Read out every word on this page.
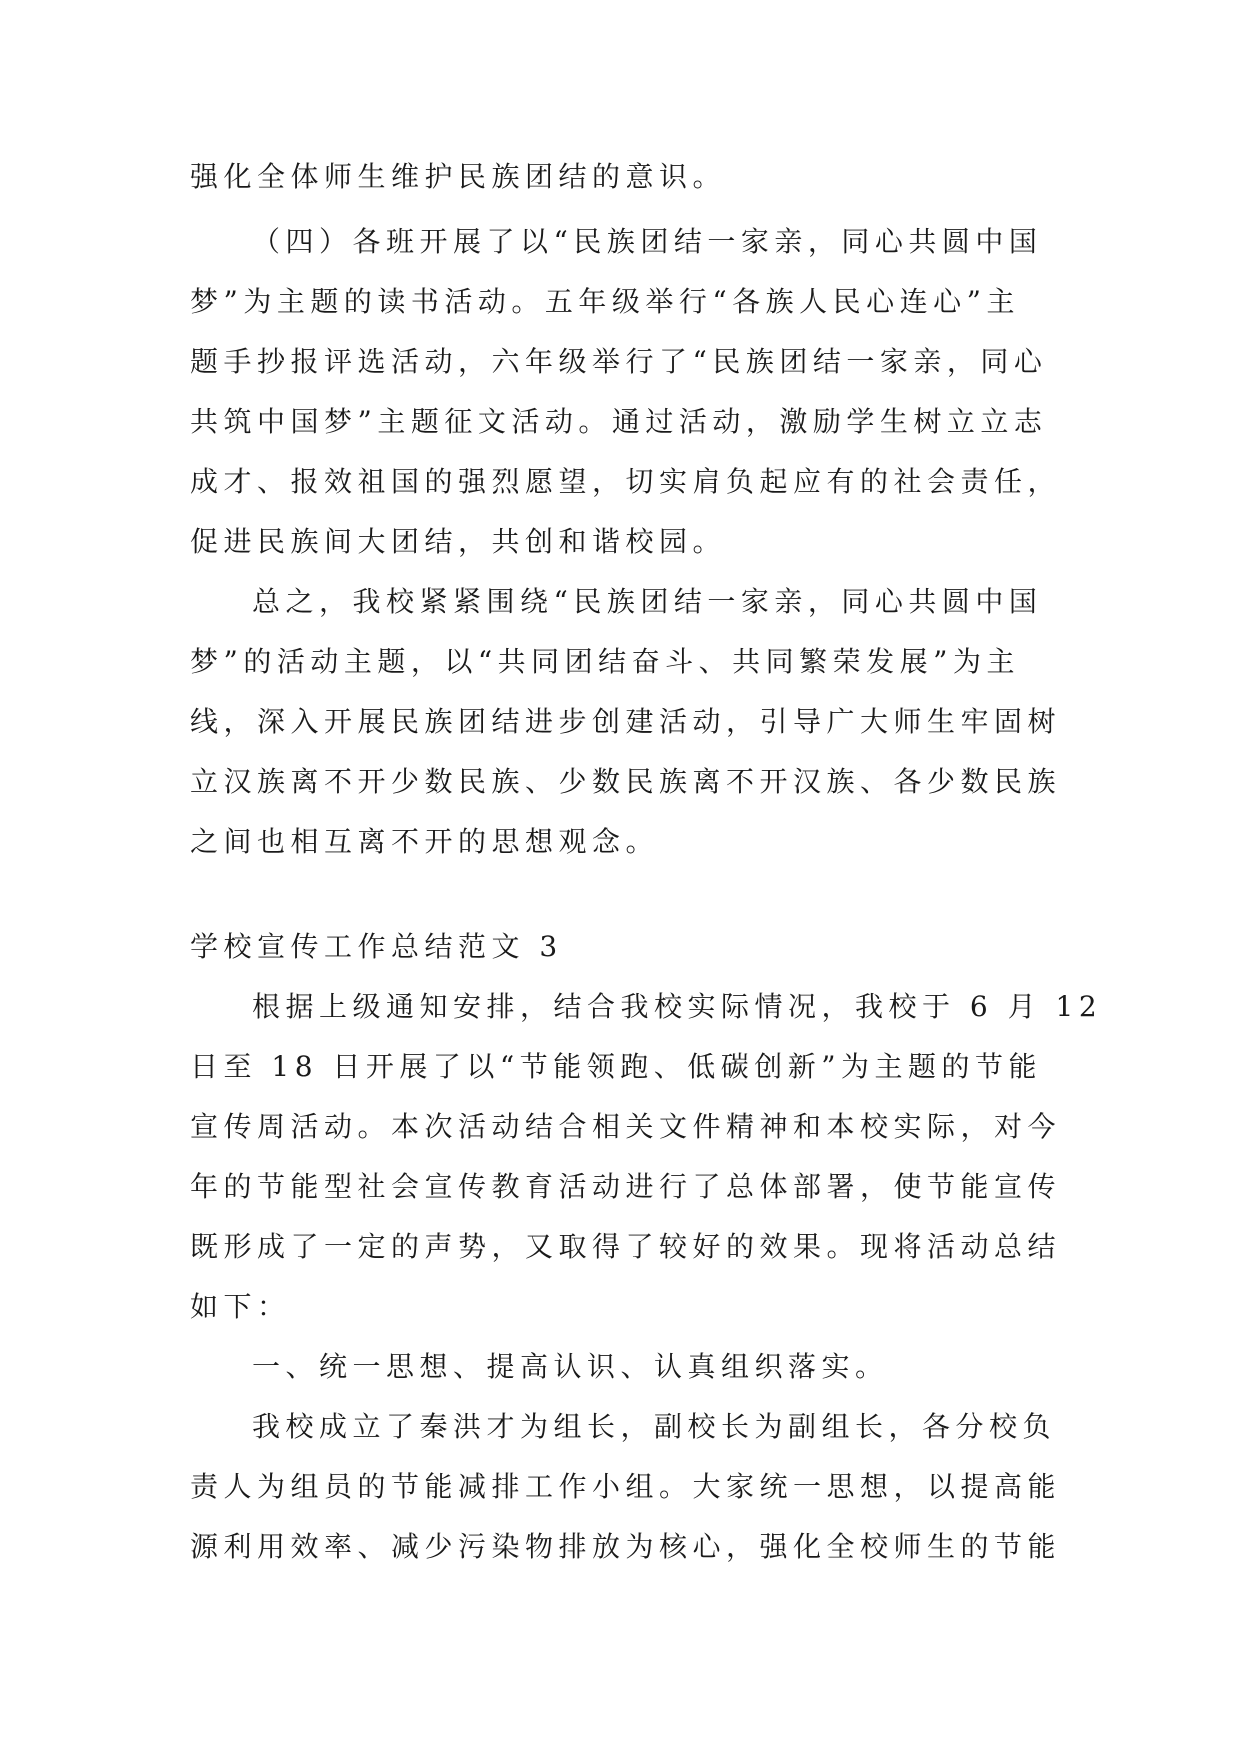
强化全体师生维护民族团结的意识。
（四）各班开展了以“民族团结一家亲，同心共圆中国
梦”为主题的读书活动。五年级举行“各族人民心连心”主
题手抄报评选活动，六年级举行了“民族团结一家亲，同心
共筑中国梦”主题征文活动。通过活动，激励学生树立立志
成才、报效祖国的强烈愿望，切实肩负起应有的社会责任，
促进民族间大团结，共创和谐校园。
总之，我校紧紧围绕“民族团结一家亲，同心共圆中国
梦”的活动主题，以“共同团结奋斗、共同繁荣发展”为主
线，深入开展民族团结进步创建活动，引导广大师生牢固树
立汉族离不开少数民族、少数民族离不开汉族、各少数民族
之间也相互离不开的思想观念。
学校宣传工作总结范文 3
根据上级通知安排，结合我校实际情况，我校于 6 月 12
日至 18 日开展了以“节能领跑、低碳创新”为主题的节能
宣传周活动。本次活动结合相关文件精神和本校实际，对今
年的节能型社会宣传教育活动进行了总体部署，使节能宣传
既形成了一定的声势，又取得了较好的效果。现将活动总结
如下：
一、统一思想、提高认识、认真组织落实。
我校成立了秦洪才为组长，副校长为副组长，各分校负
责人为组员的节能减排工作小组。大家统一思想，以提高能
源利用效率、减少污染物排放为核心，强化全校师生的节能
